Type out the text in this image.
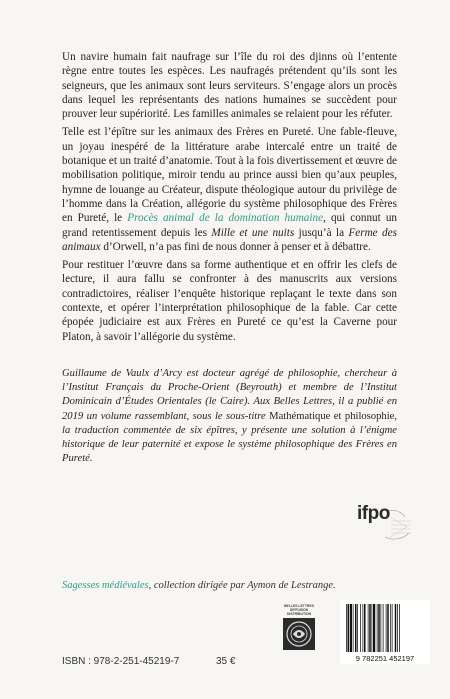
Un navire humain fait naufrage sur l’île du roi des djinns où l’entente règne entre toutes les espèces. Les naufragés prétendent qu’ils sont les seigneurs, que les animaux sont leurs serviteurs. S’engage alors un procès dans lequel les représentants des nations humaines se succèdent pour prouver leur supériorité. Les familles animales se relaient pour les réfuter.

Telle est l’épître sur les animaux des Frères en Pureté. Une fable-fleuve, un joyau inespéré de la littérature arabe intercalé entre un traité de botanique et un traité d’anatomie. Tout à la fois divertissement et œuvre de mobilisation politique, miroir tendu au prince aussi bien qu’aux peuples, hymne de louange au Créateur, dispute théologique autour du privilège de l’homme dans la Création, allégorie du système philosophique des Frères en Pureté, le Procès animal de la domination humaine, qui connut un grand retentissement depuis les Mille et une nuits jusqu’à la Ferme des animaux d’Orwell, n’a pas fini de nous donner à penser et à débattre.

Pour restituer l’œuvre dans sa forme authentique et en offrir les clefs de lecture, il aura fallu se confronter à des manuscrits aux versions contradictoires, réaliser l’enquête historique replaçant le texte dans son contexte, et opérer l’interprétation philosophique de la fable. Car cette épopée judiciaire est aux Frères en Pureté ce qu’est la Caverne pour Platon, à savoir l’allégorie du système.

Guillaume de Vaulx d’Arcy est docteur agrégé de philosophie, chercheur à l’Institut Français du Proche-Orient (Beyrouth) et membre de l’Institut Dominicain d’Études Orientales (le Caire). Aux Belles Lettres, il a publié en 2019 un volume rassemblant, sous le sous-titre Mathématique et philosophie, la traduction commentée de six épîtres, y présente une solution à l’énigme historique de leur paternité et expose le système philosophique des Frères en Pureté.
ifpo
Sagesses médiévales, collection dirigée par Aymon de Lestrange.
BELLES LETTRES
DIFFUSION
DISTRIBUTION
9 782251 452197
ISBN : 978-2-251-45219-7	35 €
